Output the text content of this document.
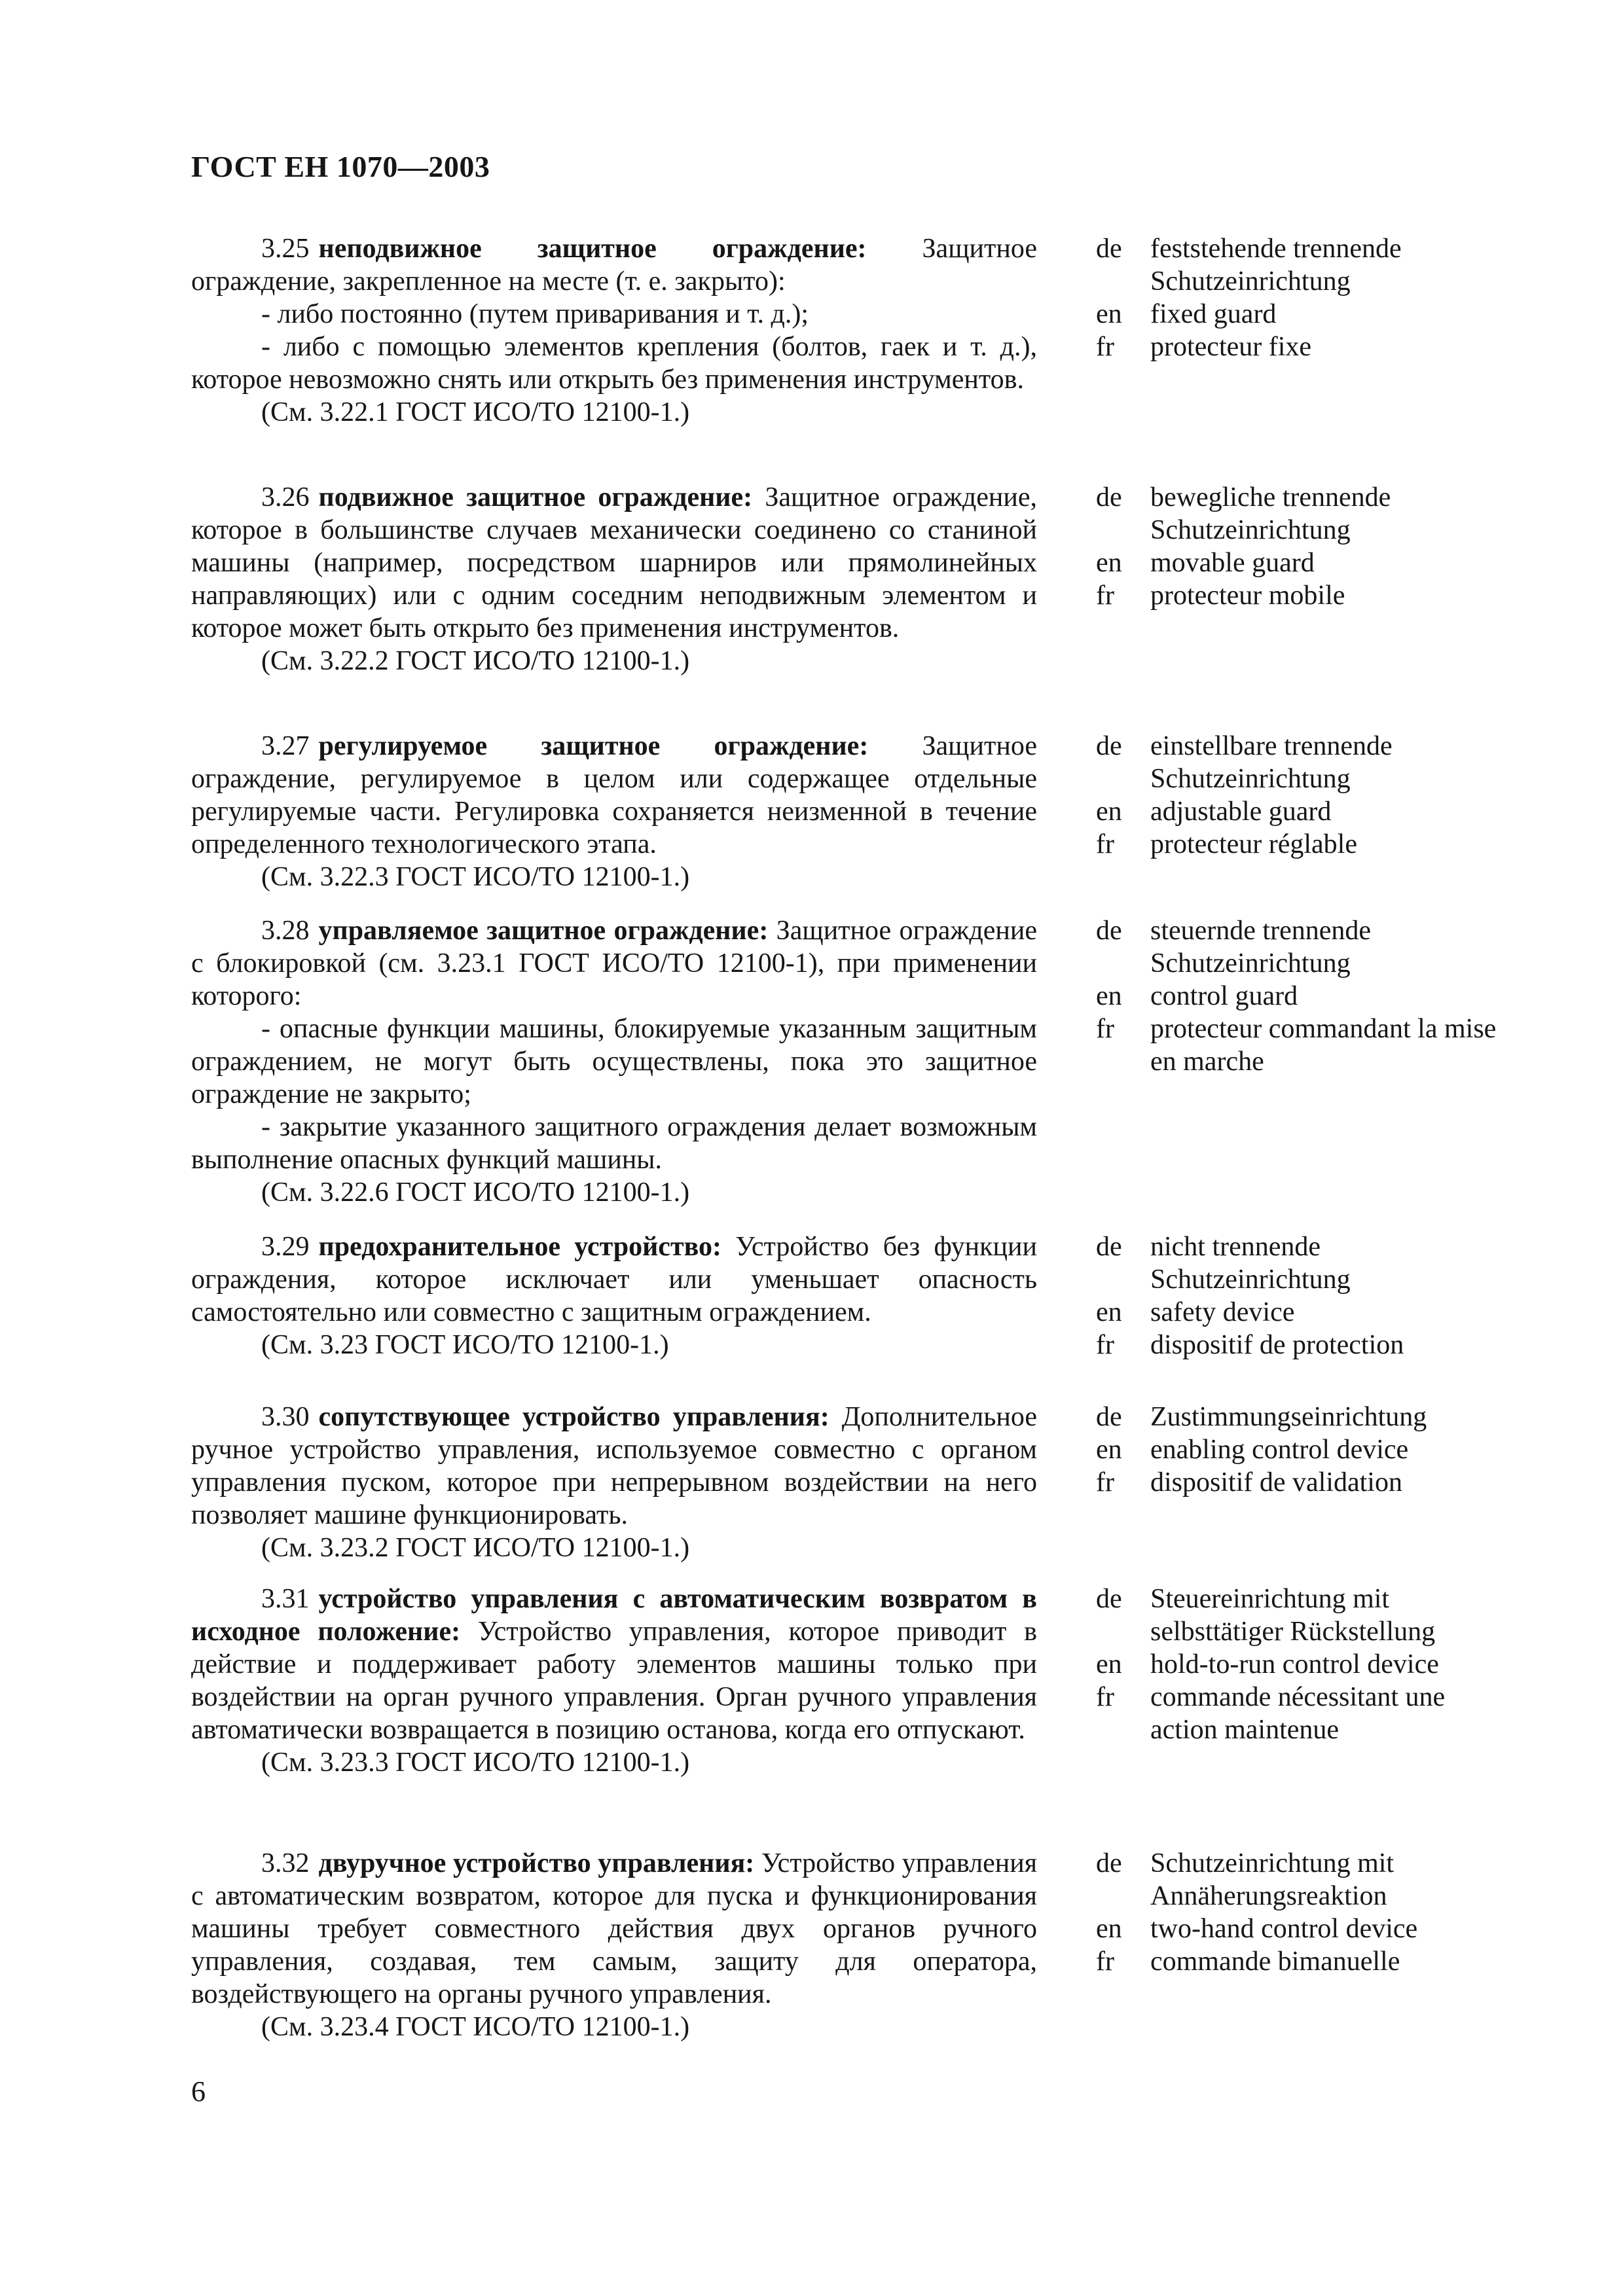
ГОСТ ЕН 1070—2003

3.25 неподвижное защитное ограждение: Защитное ограждение, закрепленное на месте (т. е. закрыто):

- либо постоянно (путем приваривания и т. д.);

- либо с помощью элементов крепления (болтов, гаек и т. д.), которое невозможно снять или открыть без применения инструментов.

(См. 3.22.1 ГОСТ ИСО/ТО 12100-1.)

de	feststehende trennende Schutzeinrichtung
en	fixed guard
fr	protecteur fixe

3.26 подвижное защитное ограждение: Защитное ограждение, которое в большинстве случаев механически соединено со станиной машины (например, посредством шарниров или прямолинейных направляющих) или с одним соседним неподвижным элементом и которое может быть открыто без применения инструментов.

(См. 3.22.2 ГОСТ ИСО/ТО 12100-1.)

de	bewegliche trennende Schutzeinrichtung
en	movable guard
fr	protecteur mobile

3.27 регулируемое защитное ограждение: Защитное ограждение, регулируемое в целом или содержащее отдельные регулируемые части. Регулировка сохраняется неизменной в течение определенного технологического этапа.

(См. 3.22.3 ГОСТ ИСО/ТО 12100-1.)

de	einstellbare trennende Schutzeinrichtung
en	adjustable guard
fr	protecteur réglable

3.28 управляемое защитное ограждение: Защитное ограждение с блокировкой (см. 3.23.1 ГОСТ ИСО/ТО 12100-1), при применении которого:

- опасные функции машины, блокируемые указанным защитным ограждением, не могут быть осуществлены, пока это защитное ограждение не закрыто;

- закрытие указанного защитного ограждения делает возможным выполнение опасных функций машины.

(См. 3.22.6 ГОСТ ИСО/ТО 12100-1.)

de	steuernde trennende Schutzeinrichtung
en	control guard
fr	protecteur commandant la mise en marche

3.29 предохранительное устройство: Устройство без функции ограждения, которое исключает или уменьшает опасность самостоятельно или совместно с защитным ограждением.

(См. 3.23 ГОСТ ИСО/ТО 12100-1.)

de	nicht trennende Schutzeinrichtung
en	safety device
fr	dispositif de protection

3.30 сопутствующее устройство управления: Дополнительное ручное устройство управления, используемое совместно с органом управления пуском, которое при непрерывном воздействии на него позволяет машине функционировать.

(См. 3.23.2 ГОСТ ИСО/ТО 12100-1.)

de	Zustimmungseinrichtung
en	enabling control device
fr	dispositif de validation

3.31 устройство управления с автоматическим возвратом в исходное положение: Устройство управления, которое приводит в действие и поддерживает работу элементов машины только при воздействии на орган ручного управления. Орган ручного управления автоматически возвращается в позицию останова, когда его отпускают.

(См. 3.23.3 ГОСТ ИСО/ТО 12100-1.)

de	Steuereinrichtung mit selbsttätiger Rückstellung
en	hold-to-run control device
fr	commande nécessitant une action maintenue

3.32 двуручное устройство управления: Устройство управления с автоматическим возвратом, которое для пуска и функционирования машины требует совместного действия двух органов ручного управления, создавая, тем самым, защиту для оператора, воздействующего на органы ручного управления.

(См. 3.23.4 ГОСТ ИСО/ТО 12100-1.)

de	Schutzeinrichtung mit Annäherungsreaktion
en	two-hand control device
fr	commande bimanuelle
6
